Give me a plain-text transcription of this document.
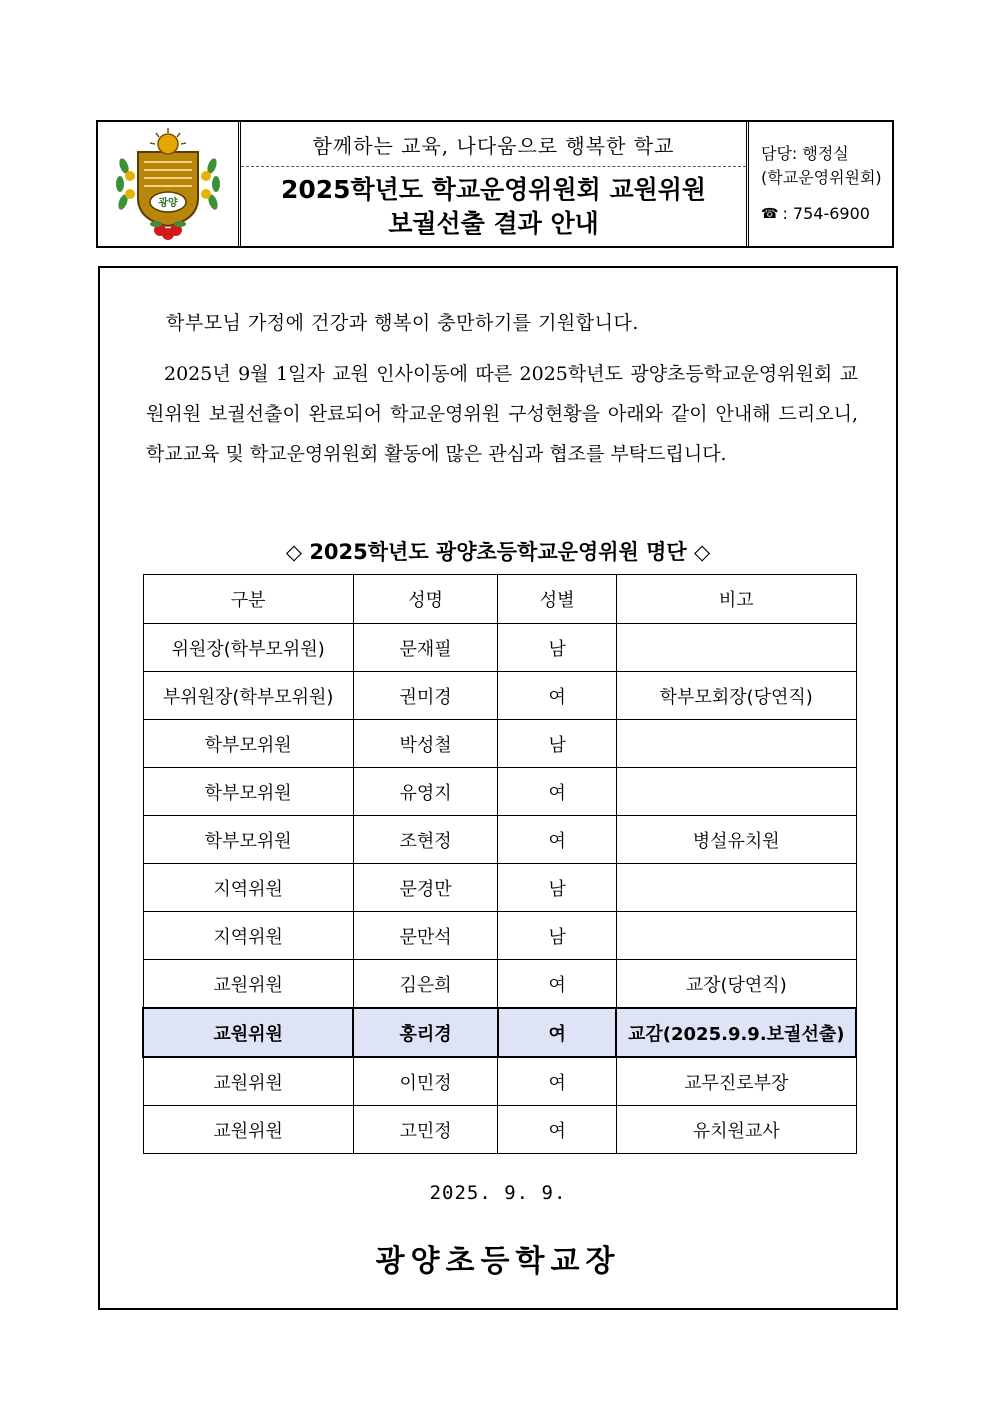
광양
함께하는 교육, 나다움으로 행복한 학교
2025학년도 학교운영위원회 교원위원
보궐선출 결과 안내
담당: 행정실
(학교운영위원회)
☎ : 754-6900
학부모님 가정에 건강과 행복이 충만하기를 기원합니다.
2025년 9월 1일자 교원 인사이동에 따른 2025학년도 광양초등학교운영위원회 교원위원 보궐선출이 완료되어 학교운영위원 구성현황을 아래와 같이 안내해 드리오니, 학교교육 및 학교운영위원회 활동에 많은 관심과 협조를 부탁드립니다.
◇ 2025학년도 광양초등학교운영위원 명단 ◇
구분	성명	성별	비고
위원장(학부모위원)	문재필	남	
부위원장(학부모위원)	권미경	여	학부모회장(당연직)
학부모위원	박성철	남	
학부모위원	유영지	여	
학부모위원	조현정	여	병설유치원
지역위원	문경만	남	
지역위원	문만석	남	
교원위원	김은희	여	교장(당연직)
교원위원	홍리경	여	교감(2025.9.9.보궐선출)
교원위원	이민정	여	교무진로부장
교원위원	고민정	여	유치원교사
2025. 9. 9.
광양초등학교장
